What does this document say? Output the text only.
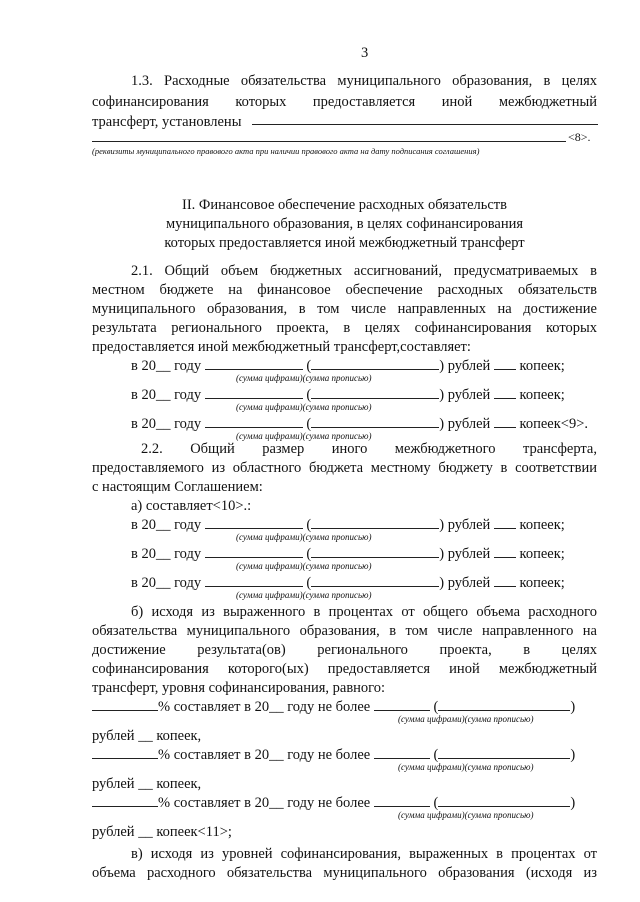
3
1.3. Расходные обязательства муниципального образования, в целях
софинансирования которых предоставляется иной межбюджетный
трансферт, установлены
<8>.
(реквизиты муниципального правового акта при наличии правового акта на дату подписания соглашения)
II. Финансовое обеспечение расходных обязательств
муниципального образования, в целях софинансирования
которых предоставляется иной межбюджетный трансферт
2.1. Общий объем бюджетных ассигнований, предусматриваемых в
местном бюджете на финансовое обеспечение расходных обязательств
муниципального образования, в том числе направленных на достижение
результата регионального проекта, в целях софинансирования которых
предоставляется иной межбюджетный трансферт,составляет:
в 20__ году	(	) рублей копеек;
(сумма цифрами)(сумма прописью)
в 20__ году	(	) рублей копеек;
(сумма цифрами)(сумма прописью)
в 20__ году	(	) рублей копеек<9>.
(сумма цифрами)(сумма прописью)
2.2. Общий размер иного межбюджетного трансферта,
предоставляемого из областного бюджета местному бюджету в соответствии
с настоящим Соглашением:
а) составляет<10>.:
в 20__ году	(	) рублей копеек;
(сумма цифрами)(сумма прописью)
в 20__ году	(	) рублей копеек;
(сумма цифрами)(сумма прописью)
в 20__ году	(	) рублей копеек;
(сумма цифрами)(сумма прописью)
б) исходя из выраженного в процентах от общего объема расходного
обязательства муниципального образования, в том числе направленного на
достижение результата(ов) регионального проекта, в целях
софинансирования которого(ых) предоставляется иной межбюджетный
трансферт, уровня софинансирования, равного:
% составляет в 20__ году не более	(	)
(сумма цифрами)(сумма прописью)
рублей __ копеек,
% составляет в 20__ году не более	(	)
(сумма цифрами)(сумма прописью)
рублей __ копеек,
% составляет в 20__ году не более	(	)
(сумма цифрами)(сумма прописью)
рублей __ копеек<11>;
в) исходя из уровней софинансирования, выраженных в процентах от
объема расходного обязательства муниципального образования (исходя из
